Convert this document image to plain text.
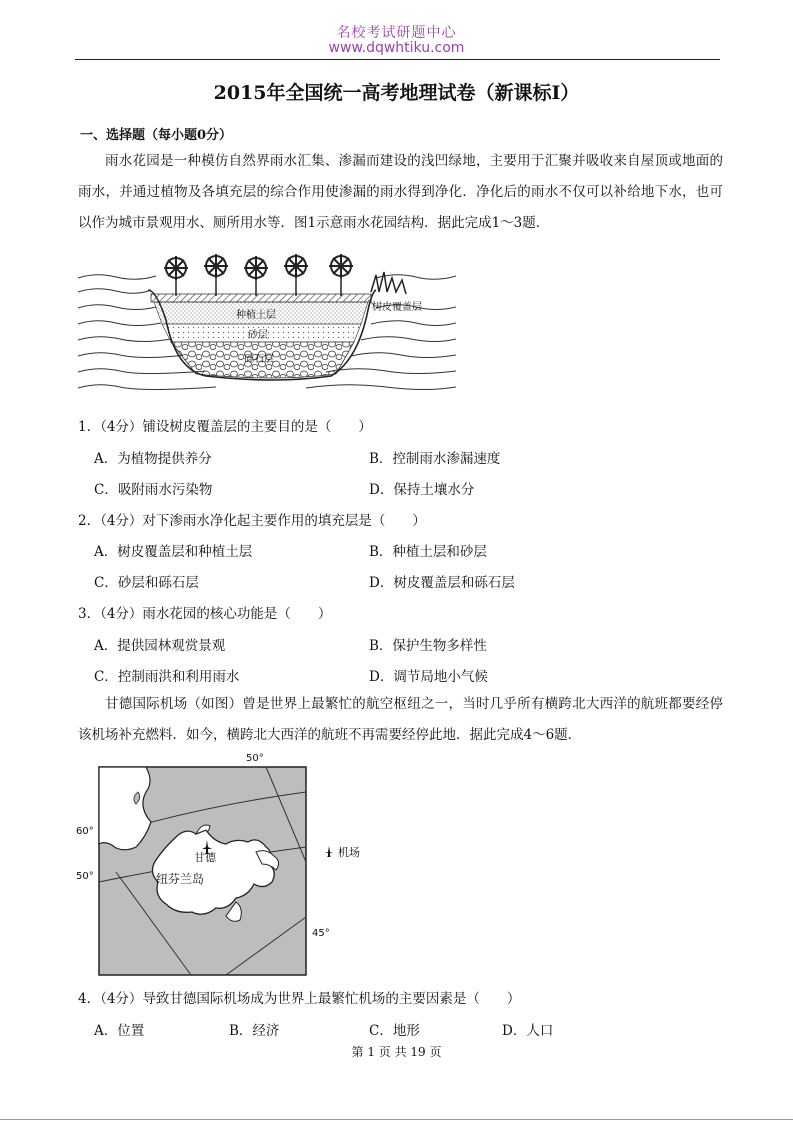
名校考试研题中心
www.dqwhtiku.com
2015年全国统一高考地理试卷（新课标Ⅰ）
一、选择题（每小题0分）
雨水花园是一种模仿自然界雨水汇集、渗漏而建设的浅凹绿地，主要用于汇聚并吸收来自屋顶或地面的雨水，并通过植物及各填充层的综合作用使渗漏的雨水得到净化．净化后的雨水不仅可以补给地下水，也可以作为城市景观用水、厕所用水等．图1示意雨水花园结构．据此完成1～3题．
树皮覆盖层
种植土层
砂层
砾石层
1．（4分）铺设树皮覆盖层的主要目的是（　　）
A．为植物提供养分	B．控制雨水渗漏速度
C．吸附雨水污染物	D．保持土壤水分
2．（4分）对下渗雨水净化起主要作用的填充层是（　　）
A．树皮覆盖层和种植土层	B．种植土层和砂层
C．砂层和砾石层	D．树皮覆盖层和砾石层
3．（4分）雨水花园的核心功能是（　　）
A．提供园林观赏景观	B．保护生物多样性
C．控制雨洪和利用雨水	D．调节局地小气候
甘德国际机场（如图）曾是世界上最繁忙的航空枢纽之一，当时几乎所有横跨北大西洋的航班都要经停该机场补充燃料．如今，横跨北大西洋的航班不再需要经停此地．据此完成4～6题．
50°
60°
50°
45°
甘德
纽芬兰岛
机场
4．（4分）导致甘德国际机场成为世界上最繁忙机场的主要因素是（　　）
A．位置	B．经济	C．地形	D．人口
第 1 页 共 19 页
